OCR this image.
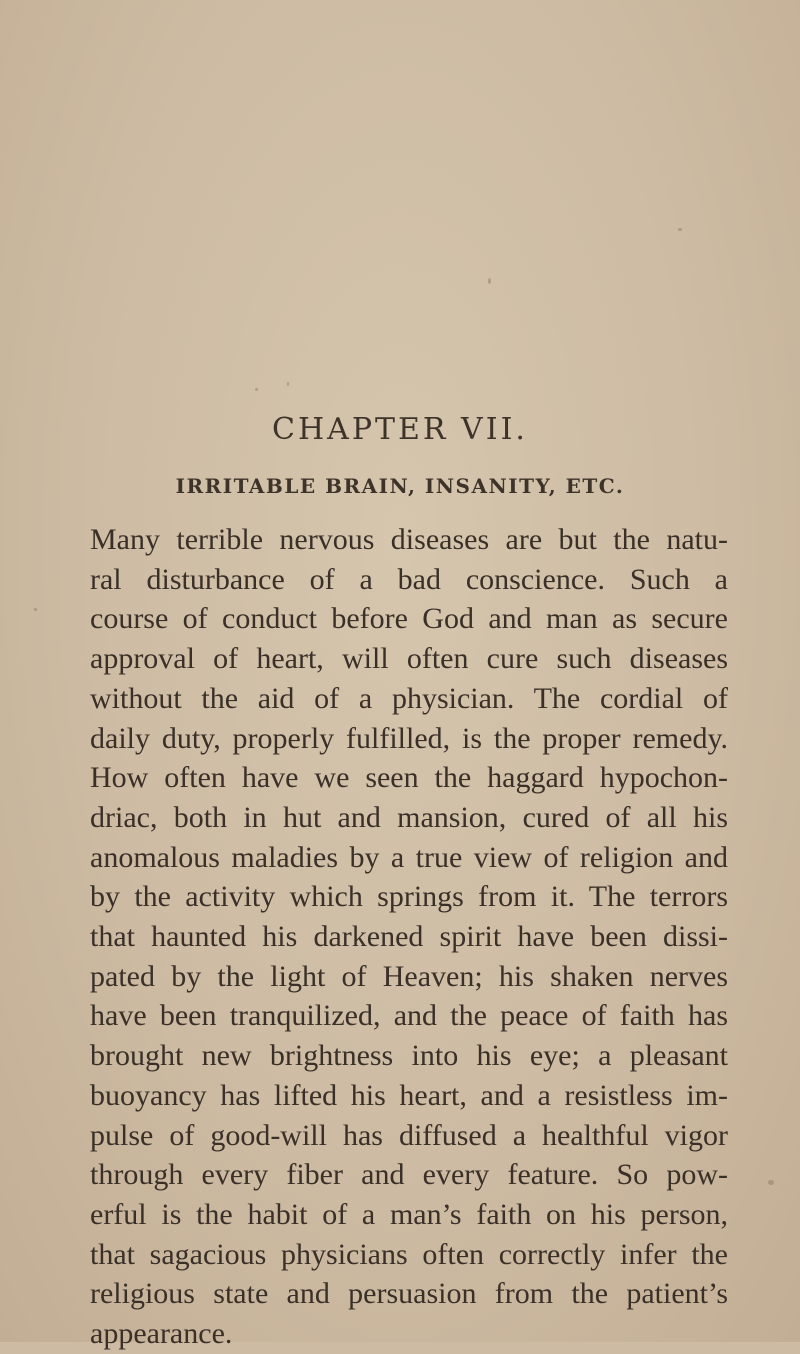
CHAPTER VII.
IRRITABLE BRAIN, INSANITY, ETC.

Many terrible nervous diseases are but the natu-
ral disturbance of a bad conscience. Such a
course of conduct before God and man as secure
approval of heart, will often cure such diseases
without the aid of a physician. The cordial of
daily duty, properly fulfilled, is the proper remedy.
How often have we seen the haggard hypochon-
driac, both in hut and mansion, cured of all his
anomalous maladies by a true view of religion and
by the activity which springs from it. The terrors
that haunted his darkened spirit have been dissi-
pated by the light of Heaven; his shaken nerves
have been tranquilized, and the peace of faith has
brought new brightness into his eye; a pleasant
buoyancy has lifted his heart, and a resistless im-
pulse of good-will has diffused a healthful vigor
through every fiber and every feature. So pow-
erful is the habit of a man’s faith on his person,
that sagacious physicians often correctly infer the
religious state and persuasion from the patient’s
appearance.
